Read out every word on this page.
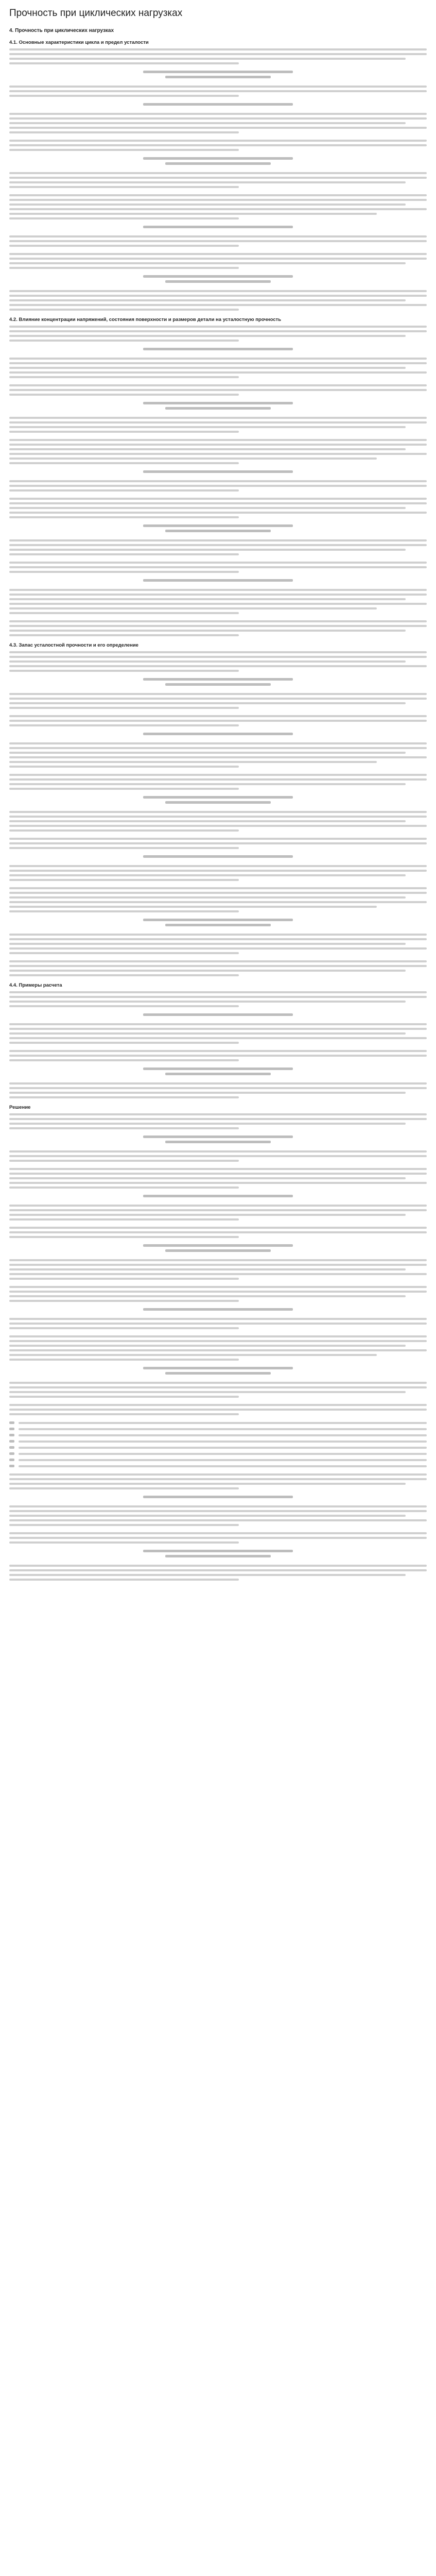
Прочность при циклических нагрузках
4. Прочность при циклических нагрузках
4.1. Основные характеристики цикла и предел усталости
4.2. Влияние концентрации напряжений, состояния поверхности и размеров детали на усталостную прочность
4.3. Запас усталостной прочности и его определение
4.4. Примеры расчета
Решение
